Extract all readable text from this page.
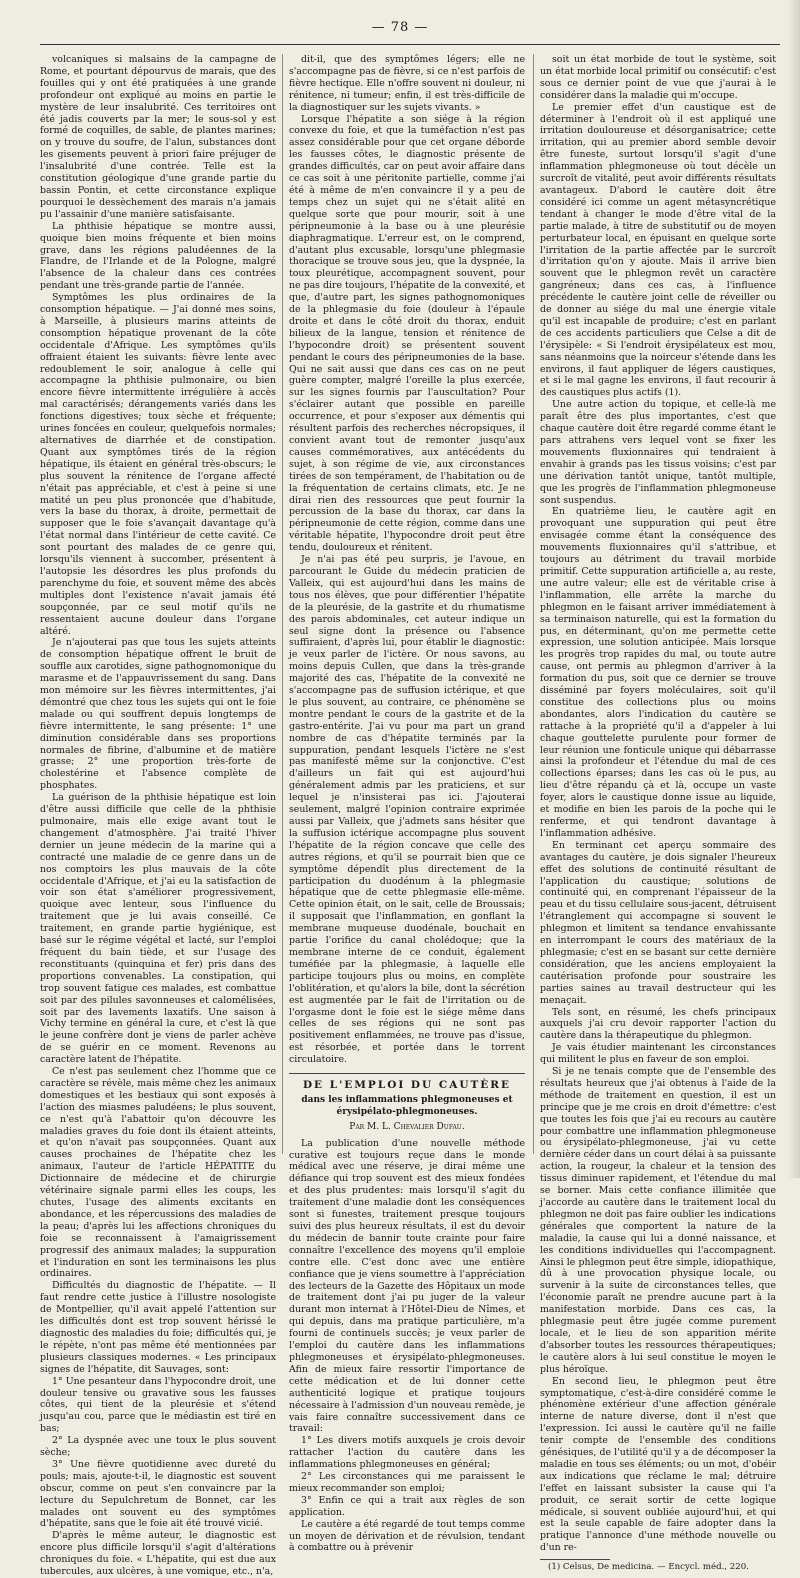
— 78 —

volcaniques si malsains de la campagne de Rome, et pourtant dépourvus de marais, que des fouilles qui y ont été pratiquées à une grande profondeur ont expliqué au moins en partie le mystère de leur insalubrité. Ces territoires ont été jadis couverts par la mer; le sous-sol y est formé de coquilles, de sable, de plantes marines; on y trouve du soufre, de l'alun, substances dont les gisements peuvent à priori faire préjuger de l'insalubrité d'une contrée. Telle est la constitution géologique d'une grande partie du bassin Pontin, et cette circonstance explique pourquoi le dessèchement des marais n'a jamais pu l'assainir d'une manière satisfaisante.

La phthisie hépatique se montre aussi, quoique bien moins fréquente et bien moins grave, dans les régions paludéennes de la Flandre, de l'Irlande et de la Pologne, malgré l'absence de la chaleur dans ces contrées pendant une très-grande partie de l'année.

Symptômes les plus ordinaires de la consomption hépatique. — J'ai donné mes soins, à Marseille, à plusieurs marins atteints de consomption hépatique provenant de la côte occidentale d'Afrique. Les symptômes qu'ils offraient étaient les suivants: fièvre lente avec redoublement le soir, analogue à celle qui accompagne la phthisie pulmonaire, ou bien encore fièvre intermittente irrégulière à accès mal caractérisés; dérangements variés dans les fonctions digestives; toux sèche et fréquente; urines foncées en couleur, quelquefois normales; alternatives de diarrhée et de constipation. Quant aux symptômes tirés de la région hépatique, ils étaient en général très-obscurs; le plus souvent la rénitence de l'organe affecté n'était pas appréciable, et c'est à peine si une matité un peu plus prononcée que d'habitude, vers la base du thorax, à droite, permettait de supposer que le foie s'avançait davantage qu'à l'état normal dans l'intérieur de cette cavité. Ce sont pourtant des malades de ce genre qui, lorsqu'ils viennent à succomber, présentent à l'autopsie les désordres les plus profonds du parenchyme du foie, et souvent même des abcès multiples dont l'existence n'avait jamais été soupçonnée, par ce seul motif qu'ils ne ressentaient aucune douleur dans l'organe altéré.

Je n'ajouterai pas que tous les sujets atteints de consomption hépatique offrent le bruit de souffle aux carotides, signe pathognomonique du marasme et de l'appauvrissement du sang. Dans mon mémoire sur les fièvres intermittentes, j'ai démontré que chez tous les sujets qui ont le foie malade ou qui souffrent depuis longtemps de fièvre intermittente, le sang présente: 1° une diminution considérable dans ses proportions normales de fibrine, d'albumine et de matière grasse; 2° une proportion très-forte de cholestérine et l'absence complète de phosphates.

La guérison de la phthisie hépatique est loin d'être aussi difficile que celle de la phthisie pulmonaire, mais elle exige avant tout le changement d'atmosphère. J'ai traité l'hiver dernier un jeune médecin de la marine qui a contracté une maladie de ce genre dans un de nos comptoirs les plus mauvais de la côte occidentale d'Afrique, et j'ai eu la satisfaction de voir son état s'améliorer progressivement, quoique avec lenteur, sous l'influence du traitement que je lui avais conseillé. Ce traitement, en grande partie hygiénique, est basé sur le régime végétal et lacté, sur l'emploi fréquent du bain tiède, et sur l'usage des reconstituants (quinquina et fer) pris dans des proportions convenables. La constipation, qui trop souvent fatigue ces malades, est combattue soit par des pilules savonneuses et calomélisées, soit par des lavements laxatifs. Une saison à Vichy termine en général la cure, et c'est là que le jeune confrère dont je viens de parler achève de se guérir en ce moment. Revenons au caractère latent de l'hépatite.

Ce n'est pas seulement chez l'homme que ce caractère se révèle, mais même chez les animaux domestiques et les bestiaux qui sont exposés à l'action des miasmes paludéens; le plus souvent, ce n'est qu'à l'abattoir qu'on découvre les maladies graves du foie dont ils étaient atteints, et qu'on n'avait pas soupçonnées. Quant aux causes prochaines de l'hépatite chez les animaux, l'auteur de l'article HÉPATITE du Dictionnaire de médecine et de chirurgie vétérinaire signale parmi elles les coups, les chutes, l'usage des aliments excitants en abondance, et les répercussions des maladies de la peau; d'après lui les affections chroniques du foie se reconnaissent à l'amaigrissement progressif des animaux malades; la suppuration et l'induration en sont les terminaisons les plus ordinaires.

Difficultés du diagnostic de l'hépatite. — Il faut rendre cette justice à l'illustre nosologiste de Montpellier, qu'il avait appelé l'attention sur les difficultés dont est trop souvent hérissé le diagnostic des maladies du foie; difficultés qui, je le répète, n'ont pas même été mentionnées par plusieurs classiques modernes. « Les principaux signes de l'hépatite, dit Sauvages, sont:

1° Une pesanteur dans l'hypocondre droit, une douleur tensive ou gravative sous les fausses côtes, qui tient de la pleurésie et s'étend jusqu'au cou, parce que le médiastin est tiré en bas;

2° La dyspnée avec une toux le plus souvent sèche;

3° Une fièvre quotidienne avec dureté du pouls; mais, ajoute-t-il, le diagnostic est souvent obscur, comme on peut s'en convaincre par la lecture du Sepulchretum de Bonnet, car les malades ont souvent eu des symptômes d'hépatite, sans que le foie ait été trouvé vicié.

D'après le même auteur, le diagnostic est encore plus difficile lorsqu'il s'agit d'altérations chroniques du foie. « L'hépatite, qui est due aux tubercules, aux ulcères, à une vomique, etc., n'a,

dit-il, que des symptômes légers; elle ne s'accompagne pas de fièvre, si ce n'est parfois de fièvre hectique. Elle n'offre souvent ni douleur, ni rénitence, ni tumeur; enfin, il est très-difficile de la diagnostiquer sur les sujets vivants. »

Lorsque l'hépatite a son siége à la région convexe du foie, et que la tuméfaction n'est pas assez considérable pour que cet organe déborde les fausses côtes, le diagnostic présente de grandes difficultés, car on peut avoir affaire dans ce cas soit à une péritonite partielle, comme j'ai été à même de m'en convaincre il y a peu de temps chez un sujet qui ne s'était alité en quelque sorte que pour mourir, soit à une péripneumonie à la base ou à une pleurésie diaphragmatique. L'erreur est, on le comprend, d'autant plus excusable, lorsqu'une phlegmasie thoracique se trouve sous jeu, que la dyspnée, la toux pleurétique, accompagnent souvent, pour ne pas dire toujours, l'hépatite de la convexité, et que, d'autre part, les signes pathognomoniques de la phlegmasie du foie (douleur à l'épaule droite et dans le côté droit du thorax, enduit bilieux de la langue, tension et rénitence de l'hypocondre droit) se présentent souvent pendant le cours des péripneumonies de la base. Qui ne sait aussi que dans ces cas on ne peut guère compter, malgré l'oreille la plus exercée, sur les signes fournis par l'auscultation? Pour s'éclairer autant que possible en pareille occurrence, et pour s'exposer aux démentis qui résultent parfois des recherches nécropsiques, il convient avant tout de remonter jusqu'aux causes commémoratives, aux antécédents du sujet, à son régime de vie, aux circonstances tirées de son tempérament, de l'habitation ou de la fréquentation de certains climats, etc. Je ne dirai rien des ressources que peut fournir la percussion de la base du thorax, car dans la péripneumonie de cette région, comme dans une véritable hépatite, l'hypocondre droit peut être tendu, douloureux et rénitent.

Je n'ai pas été peu surpris, je l'avoue, en parcourant le Guide du médecin praticien de Valleix, qui est aujourd'hui dans les mains de tous nos élèves, que pour différentier l'hépatite de la pleurésie, de la gastrite et du rhumatisme des parois abdominales, cet auteur indique un seul signe dont la présence ou l'absence suffiraient, d'après lui, pour établir le diagnostic: je veux parler de l'ictère. Or nous savons, au moins depuis Cullen, que dans la très-grande majorité des cas, l'hépatite de la convexité ne s'accompagne pas de suffusion ictérique, et que le plus souvent, au contraire, ce phénomène se montre pendant le cours de la gastrite et de la gastro-entérite. J'ai vu pour ma part un grand nombre de cas d'hépatite terminés par la suppuration, pendant lesquels l'ictère ne s'est pas manifesté même sur la conjonctive. C'est d'ailleurs un fait qui est aujourd'hui généralement admis par les praticiens, et sur lequel je n'insisterai pas ici. J'ajouterai seulement, malgré l'opinion contraire exprimée aussi par Valleix, que j'admets sans hésiter que la suffusion ictérique accompagne plus souvent l'hépatite de la région concave que celle des autres régions, et qu'il se pourrait bien que ce symptôme dépendît plus directement de la participation du duodénum à la phlegmasie hépatique que de cette phlegmasie elle-même. Cette opinion était, on le sait, celle de Broussais; il supposait que l'inflammation, en gonflant la membrane muqueuse duodénale, bouchait en partie l'orifice du canal cholédoque; que la membrane interne de ce conduit, également tuméfiée par la phlegmasie, à laquelle elle participe toujours plus ou moins, en complète l'oblitération, et qu'alors la bile, dont la sécrétion est augmentée par le fait de l'irritation ou de l'orgasme dont le foie est le siége même dans celles de ses régions qui ne sont pas positivement enflammées, ne trouve pas d'issue, est résorbée, et portée dans le torrent circulatoire.

DE L'EMPLOI DU CAUTÈRE
dans les inflammations phlegmoneuses et érysipélato-phlegmoneuses.
Par M. L. Chevalier Dufau.

La publication d'une nouvelle méthode curative est toujours reçue dans le monde médical avec une réserve, je dirai même une défiance qui trop souvent est des mieux fondées et des plus prudentes: mais lorsqu'il s'agit du traitement d'une maladie dont les conséquences sont si funestes, traitement presque toujours suivi des plus heureux résultats, il est du devoir du médecin de bannir toute crainte pour faire connaître l'excellence des moyens qu'il emploie contre elle. C'est donc avec une entière confiance que je viens soumettre à l'appréciation des lecteurs de la Gazette des Hôpitaux un mode de traitement dont j'ai pu juger de la valeur durant mon internat à l'Hôtel-Dieu de Nîmes, et qui depuis, dans ma pratique particulière, m'a fourni de continuels succès; je veux parler de l'emploi du cautère dans les inflammations phlegmoneuses et érysipélato-phlegmoneuses. Afin de mieux faire ressortir l'importance de cette médication et de lui donner cette authenticité logique et pratique toujours nécessaire à l'admission d'un nouveau remède, je vais faire connaître successivement dans ce travail:

1° Les divers motifs auxquels je crois devoir rattacher l'action du cautère dans les inflammations phlegmoneuses en général;

2° Les circonstances qui me paraissent le mieux recommander son emploi;

3° Enfin ce qui a trait aux règles de son application.

Le cautère a été regardé de tout temps comme un moyen de dérivation et de révulsion, tendant à combattre ou à prévenir

soit un état morbide de tout le système, soit un état morbide local primitif ou consécutif: c'est sous ce dernier point de vue que j'aurai à le considérer dans la maladie qui m'occupe.

Le premier effet d'un caustique est de déterminer à l'endroit où il est appliqué une irritation douloureuse et désorganisatrice; cette irritation, qui au premier abord semble devoir être funeste, surtout lorsqu'il s'agit d'une inflammation phlegmoneuse où tout décèle un surcroît de vitalité, peut avoir différents résultats avantageux. D'abord le cautère doit être considéré ici comme un agent métasyncrétique tendant à changer le mode d'être vital de la partie malade, à titre de substitutif ou de moyen perturbateur local, en épuisant en quelque sorte l'irritation de la partie affectée par le surcroît d'irritation qu'on y ajoute. Mais il arrive bien souvent que le phlegmon revêt un caractère gangréneux; dans ces cas, à l'influence précédente le cautère joint celle de réveiller ou de donner au siége du mal une énergie vitale qu'il est incapable de produire; c'est en parlant de ces accidents particuliers que Celse a dit de l'érysipèle: « Si l'endroit érysipélateux est mou, sans néanmoins que la noirceur s'étende dans les environs, il faut appliquer de légers caustiques, et si le mal gagne les environs, il faut recourir à des caustiques plus actifs (1).

Une autre action du topique, et celle-là me paraît être des plus importantes, c'est que chaque cautère doit être regardé comme étant le pars attrahens vers lequel vont se fixer les mouvements fluxionnaires qui tendraient à envahir à grands pas les tissus voisins; c'est par une dérivation tantôt unique, tantôt multiple, que les progrès de l'inflammation phlegmoneuse sont suspendus.

En quatrième lieu, le cautère agit en provoquant une suppuration qui peut être envisagée comme étant la conséquence des mouvements fluxionnaires qu'il s'attribue, et toujours au détriment du travail morbide primitif. Cette suppuration artificielle a, au reste, une autre valeur; elle est de véritable crise à l'inflammation, elle arrête la marche du phlegmon en le faisant arriver immédiatement à sa terminaison naturelle, qui est la formation du pus, en déterminant, qu'on me permette cette expression, une solution anticipée. Mais lorsque les progrès trop rapides du mal, ou toute autre cause, ont permis au phlegmon d'arriver à la formation du pus, soit que ce dernier se trouve disséminé par foyers moléculaires, soit qu'il constitue des collections plus ou moins abondantes, alors l'indication du cautère se rattache à la propriété qu'il a d'appeler à lui chaque gouttelette purulente pour former de leur réunion une fonticule unique qui débarrasse ainsi la profondeur et l'étendue du mal de ces collections éparses; dans les cas où le pus, au lieu d'être répandu çà et là, occupe un vaste foyer, alors le caustique donne issue au liquide, et modifie en bien les parois de la poche qui le renferme, et qui tendront davantage à l'inflammation adhésive.

En terminant cet aperçu sommaire des avantages du cautère, je dois signaler l'heureux effet des solutions de continuité résultant de l'application du caustique; solutions de continuité qui, en comprenant l'épaisseur de la peau et du tissu cellulaire sous-jacent, détruisent l'étranglement qui accompagne si souvent le phlegmon et limitent sa tendance envahissante en interrompant le cours des matériaux de la phlegmasie; c'est en se basant sur cette dernière considération, que les anciens employaient la cautérisation profonde pour soustraire les parties saines au travail destructeur qui les menaçait.

Tels sont, en résumé, les chefs principaux auxquels j'ai cru devoir rapporter l'action du cautère dans la thérapeutique du phlegmon.

Je vais étudier maintenant les circonstances qui militent le plus en faveur de son emploi.

Si je ne tenais compte que de l'ensemble des résultats heureux que j'ai obtenus à l'aide de la méthode de traitement en question, il est un principe que je me crois en droit d'émettre: c'est que toutes les fois que j'ai eu recours au cautère pour combattre une inflammation phlegmoneuse ou érysipélato-phlegmoneuse, j'ai vu cette dernière céder dans un court délai à sa puissante action, la rougeur, la chaleur et la tension des tissus diminuer rapidement, et l'étendue du mal se borner. Mais cette confiance illimitée que j'accorde au cautère dans le traitement local du phlegmon ne doit pas faire oublier les indications générales que comportent la nature de la maladie, la cause qui lui a donné naissance, et les conditions individuelles qui l'accompagnent. Ainsi le phlegmon peut être simple, idiopathique, dû à une provocation physique locale, ou survenir à la suite de circonstances telles, que l'économie paraît ne prendre aucune part à la manifestation morbide. Dans ces cas, la phlegmasie peut être jugée comme purement locale, et le lieu de son apparition mérite d'absorber toutes les ressources thérapeutiques; le cautère alors à lui seul constitue le moyen le plus héroïque.

En second lieu, le phlegmon peut être symptomatique, c'est-à-dire considéré comme le phénomène extérieur d'une affection générale interne de nature diverse, dont il n'est que l'expression. Ici aussi le cautère qu'il ne faille tenir compte de l'ensemble des conditions génésiques, de l'utilité qu'il y a de décomposer la maladie en tous ses éléments; ou un mot, d'obéir aux indications que réclame le mal; détruire l'effet en laissant subsister la cause qui l'a produit, ce serait sortir de cette logique médicale, si souvent oubliée aujourd'hui, et qui est la seule capable de faire adopter dans la pratique l'annonce d'une méthode nouvelle ou d'un re-

(1) Celsus, De medicina. — Encycl. méd., 220.
